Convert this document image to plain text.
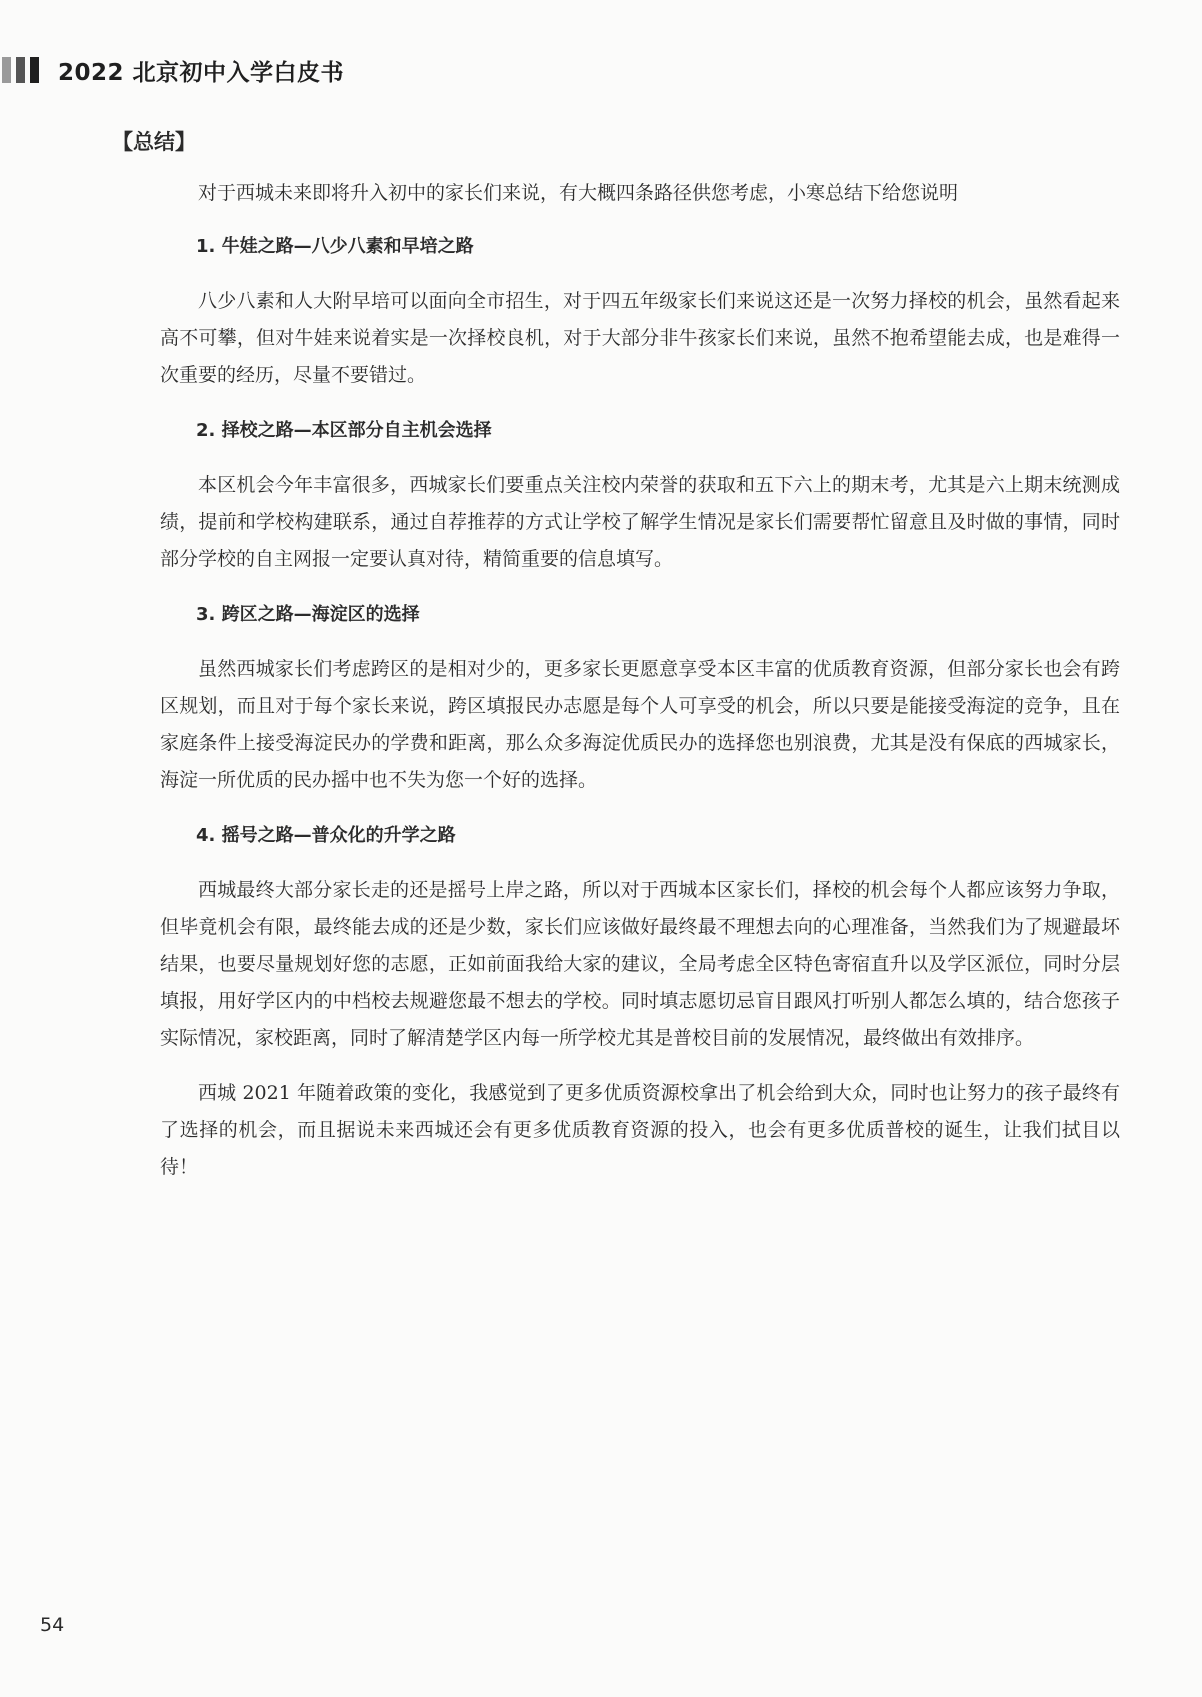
2022 北京初中入学白皮书
【总结】

对于西城未来即将升入初中的家长们来说，有大概四条路径供您考虑，小寒总结下给您说明

1. 牛娃之路—八少八素和早培之路

八少八素和人大附早培可以面向全市招生，对于四五年级家长们来说这还是一次努力择校的机会，虽然看起来高不可攀，但对牛娃来说着实是一次择校良机，对于大部分非牛孩家长们来说，虽然不抱希望能去成，也是难得一次重要的经历，尽量不要错过。

2. 择校之路—本区部分自主机会选择

本区机会今年丰富很多，西城家长们要重点关注校内荣誉的获取和五下六上的期末考，尤其是六上期末统测成绩，提前和学校构建联系，通过自荐推荐的方式让学校了解学生情况是家长们需要帮忙留意且及时做的事情，同时部分学校的自主网报一定要认真对待，精简重要的信息填写。

3. 跨区之路—海淀区的选择

虽然西城家长们考虑跨区的是相对少的，更多家长更愿意享受本区丰富的优质教育资源，但部分家长也会有跨区规划，而且对于每个家长来说，跨区填报民办志愿是每个人可享受的机会，所以只要是能接受海淀的竞争，且在家庭条件上接受海淀民办的学费和距离，那么众多海淀优质民办的选择您也别浪费，尤其是没有保底的西城家长，海淀一所优质的民办摇中也不失为您一个好的选择。

4. 摇号之路—普众化的升学之路

西城最终大部分家长走的还是摇号上岸之路，所以对于西城本区家长们，择校的机会每个人都应该努力争取，但毕竟机会有限，最终能去成的还是少数，家长们应该做好最终最不理想去向的心理准备，当然我们为了规避最坏结果，也要尽量规划好您的志愿，正如前面我给大家的建议，全局考虑全区特色寄宿直升以及学区派位，同时分层填报，用好学区内的中档校去规避您最不想去的学校。同时填志愿切忌盲目跟风打听别人都怎么填的，结合您孩子实际情况，家校距离，同时了解清楚学区内每一所学校尤其是普校目前的发展情况，最终做出有效排序。

西城 2021 年随着政策的变化，我感觉到了更多优质资源校拿出了机会给到大众，同时也让努力的孩子最终有了选择的机会，而且据说未来西城还会有更多优质教育资源的投入，也会有更多优质普校的诞生，让我们拭目以待！

54
